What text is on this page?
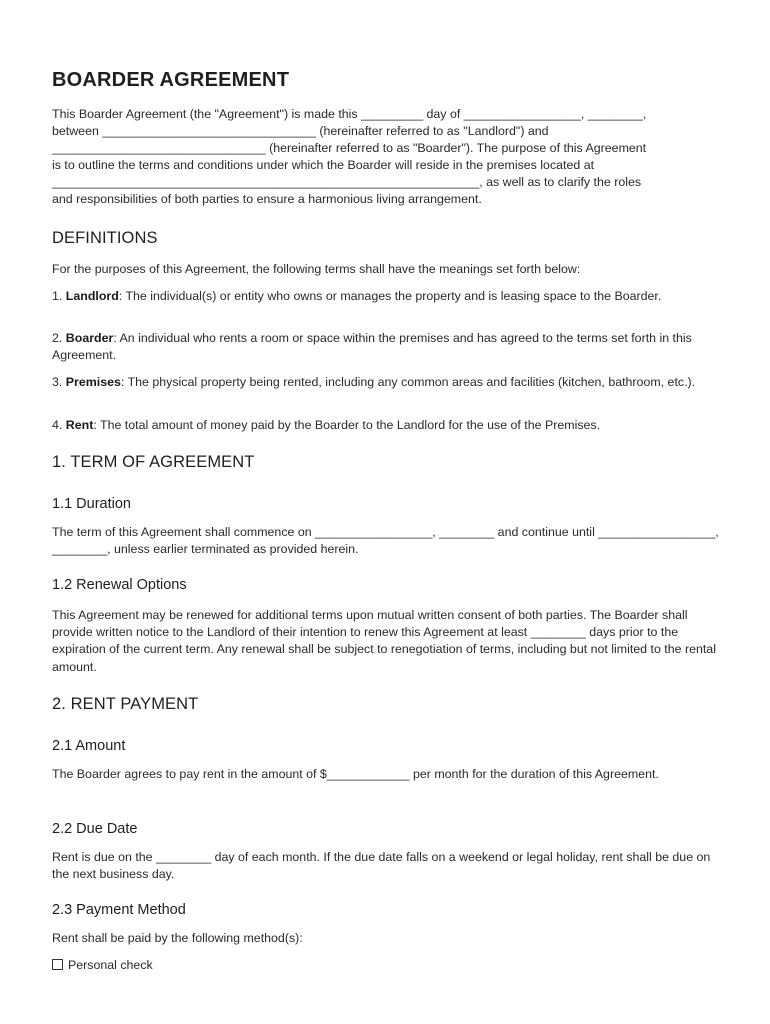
BOARDER AGREEMENT
This Boarder Agreement (the "Agreement") is made this _________ day of _________________, ________,
between _______________________________ (hereinafter referred to as "Landlord") and
_______________________________ (hereinafter referred to as "Boarder"). The purpose of this Agreement
is to outline the terms and conditions under which the Boarder will reside in the premises located at
______________________________________________________________, as well as to clarify the roles
and responsibilities of both parties to ensure a harmonious living arrangement.
DEFINITIONS
For the purposes of this Agreement, the following terms shall have the meanings set forth below:
1. Landlord: The individual(s) or entity who owns or manages the property and is leasing space to the Boarder.
2. Boarder: An individual who rents a room or space within the premises and has agreed to the terms set forth in this Agreement.
3. Premises: The physical property being rented, including any common areas and facilities (kitchen, bathroom, etc.).
4. Rent: The total amount of money paid by the Boarder to the Landlord for the use of the Premises.
1. TERM OF AGREEMENT
1.1 Duration
The term of this Agreement shall commence on _________________, ________ and continue until _________________, ________, unless earlier terminated as provided herein.
1.2 Renewal Options
This Agreement may be renewed for additional terms upon mutual written consent of both parties. The Boarder shall provide written notice to the Landlord of their intention to renew this Agreement at least ________ days prior to the expiration of the current term. Any renewal shall be subject to renegotiation of terms, including but not limited to the rental amount.
2. RENT PAYMENT
2.1 Amount
The Boarder agrees to pay rent in the amount of $____________ per month for the duration of this Agreement.
2.2 Due Date
Rent is due on the ________ day of each month. If the due date falls on a weekend or legal holiday, rent shall be due on the next business day.
2.3 Payment Method
Rent shall be paid by the following method(s):
Personal check
